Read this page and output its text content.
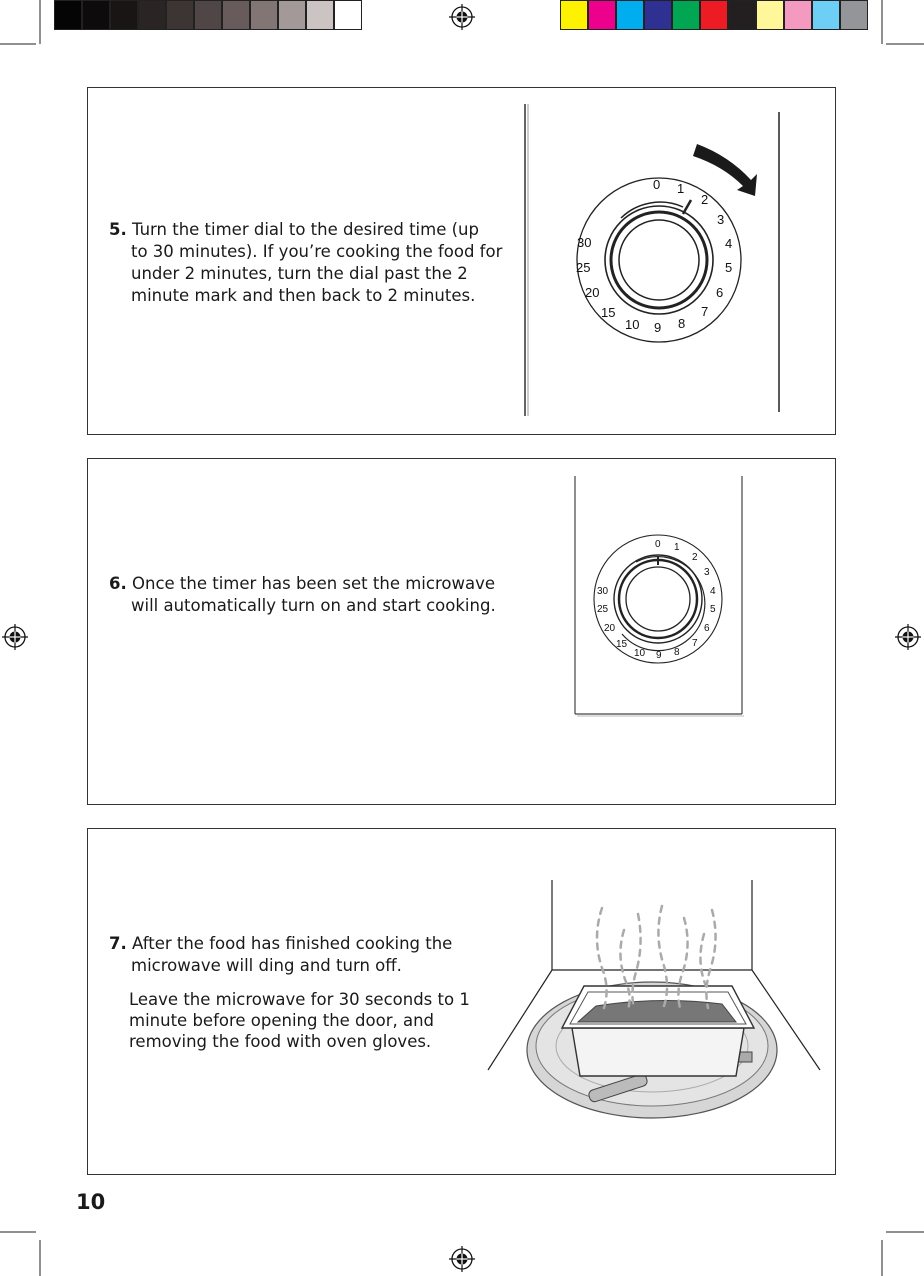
5. Turn the timer dial to the desired time (up
to 30 minutes). If you’re cooking the food for
under 2 minutes, turn the dial past the 2
minute mark and then back to 2 minutes.
0 1
2
3
4
5
6
7
8
9
10
15
20
25
30
6. Once the timer has been set the microwave
will automatically turn on and start cooking.
0 1
2
3
4
5
6
7
8
9
10
15
20
25
30
7. After the food has finished cooking the
microwave will ding and turn off.
Leave the microwave for 30 seconds to 1
minute before opening the door, and
removing the food with oven gloves.
10
